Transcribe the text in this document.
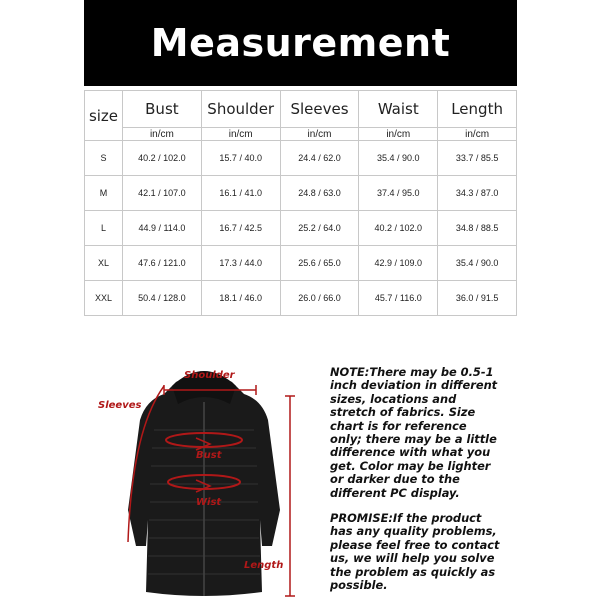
Measurement
size	Bust	Shoulder	Sleeves	Waist	Length
	in/cm	in/cm	in/cm	in/cm	in/cm
S	40.2 / 102.0	15.7 / 40.0	24.4 / 62.0	35.4 / 90.0	33.7 / 85.5
M	42.1 / 107.0	16.1 / 41.0	24.8 / 63.0	37.4 / 95.0	34.3 / 87.0
L	44.9 / 114.0	16.7 / 42.5	25.2 / 64.0	40.2 / 102.0	34.8 / 88.5
XL	47.6 / 121.0	17.3 / 44.0	25.6 / 65.0	42.9 / 109.0	35.4 / 90.0
XXL	50.4 / 128.0	18.1 / 46.0	26.0 / 66.0	45.7 / 116.0	36.0 / 91.5
Shoulder
Sleeves
Bust
Wist
Length
NOTE:There may be 0.5-1 inch deviation in different sizes, locations and stretch of fabrics. Size chart is for reference only; there may be a little difference with what you get. Color may be lighter or darker due to the different PC display.
PROMISE:If the product has any quality problems, please feel free to contact us, we will help you solve the problem as quickly as possible.
